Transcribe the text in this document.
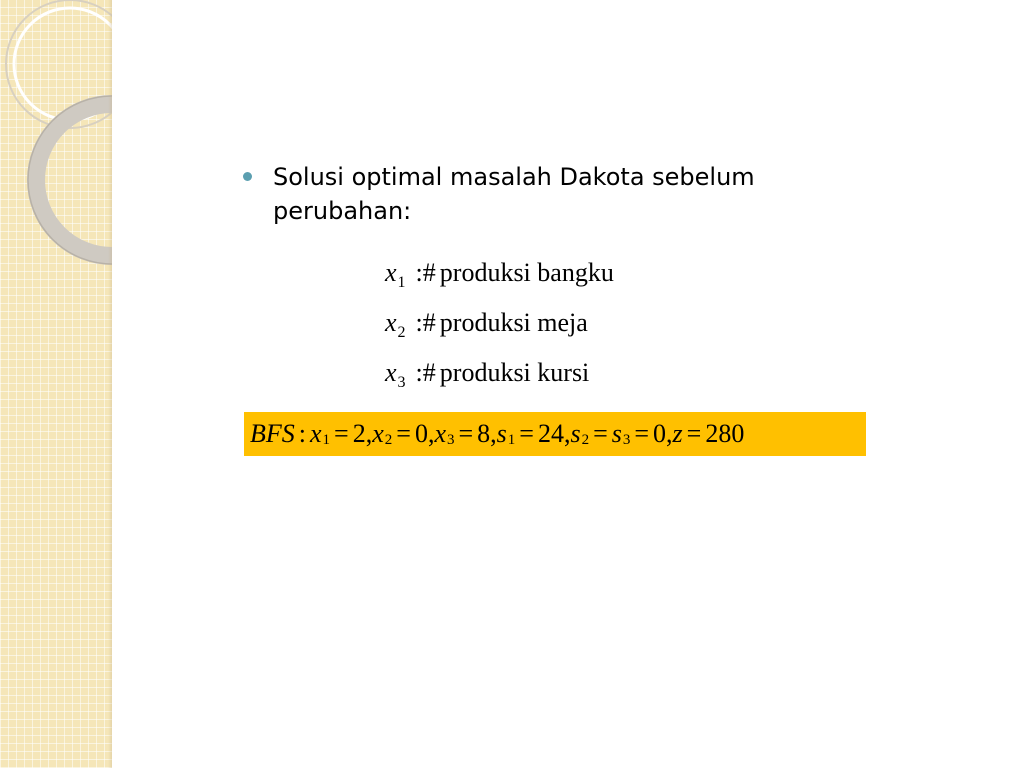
Solusi optimal masalah Dakota sebelum perubahan:
$x_1$ :# produksi bangku
$x_2$ :# produksi meja
$x_3$ :# produksi kursi
BFS : x 1 = 2, x 2 = 0, x 3 = 8, s 1 = 24, s 2 = s 3 = 0, z = 280
